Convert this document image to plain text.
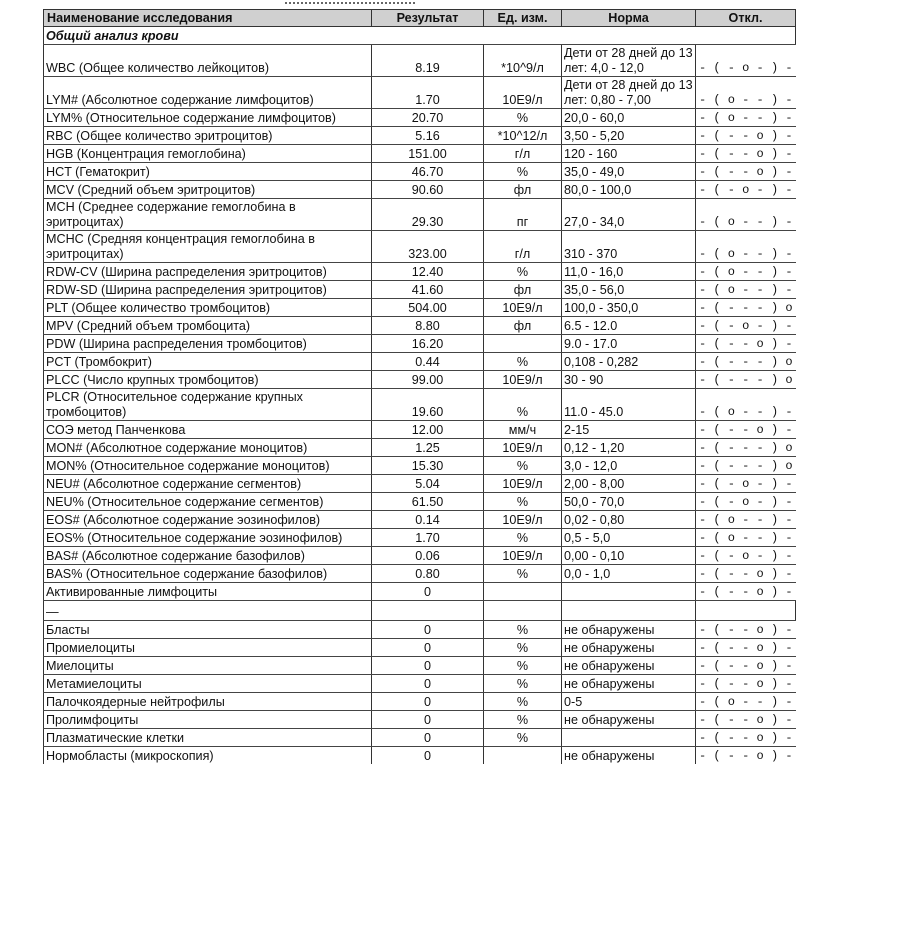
Наименование исследования	Результат	Ед. изм.	Норма	Откл.
Общий анализ крови				
WBC (Общее количество лейкоцитов)	8.19	*10^9/л	Дети от 28 дней до 13 лет: 4,0 - 12,0	- ( - о - ) -
LYM# (Абсолютное содержание лимфоцитов)	1.70	10E9/л	Дети от 28 дней до 13 лет: 0,80 - 7,00	- ( о - - ) -
LYM% (Относительное содержание лимфоцитов)	20.70	%	20,0 - 60,0	- ( о - - ) -
RBC (Общее количество эритроцитов)	5.16	*10^12/л	3,50 - 5,20	- ( - - о ) -
HGB (Концентрация гемоглобина)	151.00	г/л	120 - 160	- ( - - о ) -
HCT (Гематокрит)	46.70	%	35,0 - 49,0	- ( - - о ) -
MCV (Средний объем эритроцитов)	90.60	фл	80,0 - 100,0	- ( - о - ) -
MCH (Среднее содержание гемоглобина в эритроцитах)	29.30	пг	27,0 - 34,0	- ( о - - ) -
MCHC (Средняя концентрация гемоглобина в эритроцитах)	323.00	г/л	310 - 370	- ( о - - ) -
RDW-CV (Ширина распределения эритроцитов)	12.40	%	11,0 - 16,0	- ( о - - ) -
RDW-SD (Ширина распределения эритроцитов)	41.60	фл	35,0 - 56,0	- ( о - - ) -
PLT (Общее количество тромбоцитов)	504.00	10E9/л	100,0 - 350,0	- ( - - - ) о
MPV (Средний объем тромбоцита)	8.80	фл	6.5 - 12.0	- ( - о - ) -
PDW (Ширина распределения тромбоцитов)	16.20		9.0 - 17.0	- ( - - о ) -
PCT (Тромбокрит)	0.44	%	0,108 - 0,282	- ( - - - ) о
PLCC (Число крупных тромбоцитов)	99.00	10E9/л	30 - 90	- ( - - - ) о
PLCR (Относительное содержание крупных тромбоцитов)	19.60	%	11.0 - 45.0	- ( о - - ) -
СОЭ метод Панченкова	12.00	мм/ч	2-15	- ( - - о ) -
MON# (Абсолютное содержание моноцитов)	1.25	10E9/л	0,12 - 1,20	- ( - - - ) о
MON% (Относительное содержание моноцитов)	15.30	%	3,0 - 12,0	- ( - - - ) о
NEU# (Абсолютное содержание сегментов)	5.04	10E9/л	2,00 - 8,00	- ( - о - ) -
NEU% (Относительное содержание сегментов)	61.50	%	50,0 - 70,0	- ( - о - ) -
EOS# (Абсолютное содержание эозинофилов)	0.14	10E9/л	0,02 - 0,80	- ( о - - ) -
EOS% (Относительное содержание эозинофилов)	1.70	%	0,5 - 5,0	- ( о - - ) -
BAS# (Абсолютное содержание базофилов)	0.06	10E9/л	0,00 - 0,10	- ( - о - ) -
BAS% (Относительное содержание базофилов)	0.80	%	0,0 - 1,0	- ( - - о ) -
Активированные лимфоциты	0			- ( - - о ) -
—				
Бласты	0	%	не обнаружены	- ( - - о ) -
Промиелоциты	0	%	не обнаружены	- ( - - о ) -
Миелоциты	0	%	не обнаружены	- ( - - о ) -
Метамиелоциты	0	%	не обнаружены	- ( - - о ) -
Палочкоядерные нейтрофилы	0	%	0-5	- ( о - - ) -
Пролимфоциты	0	%	не обнаружены	- ( - - о ) -
Плазматические клетки	0	%		- ( - - о ) -
Нормобласты (микроскопия)	0		не обнаружены	- ( - - о ) -
